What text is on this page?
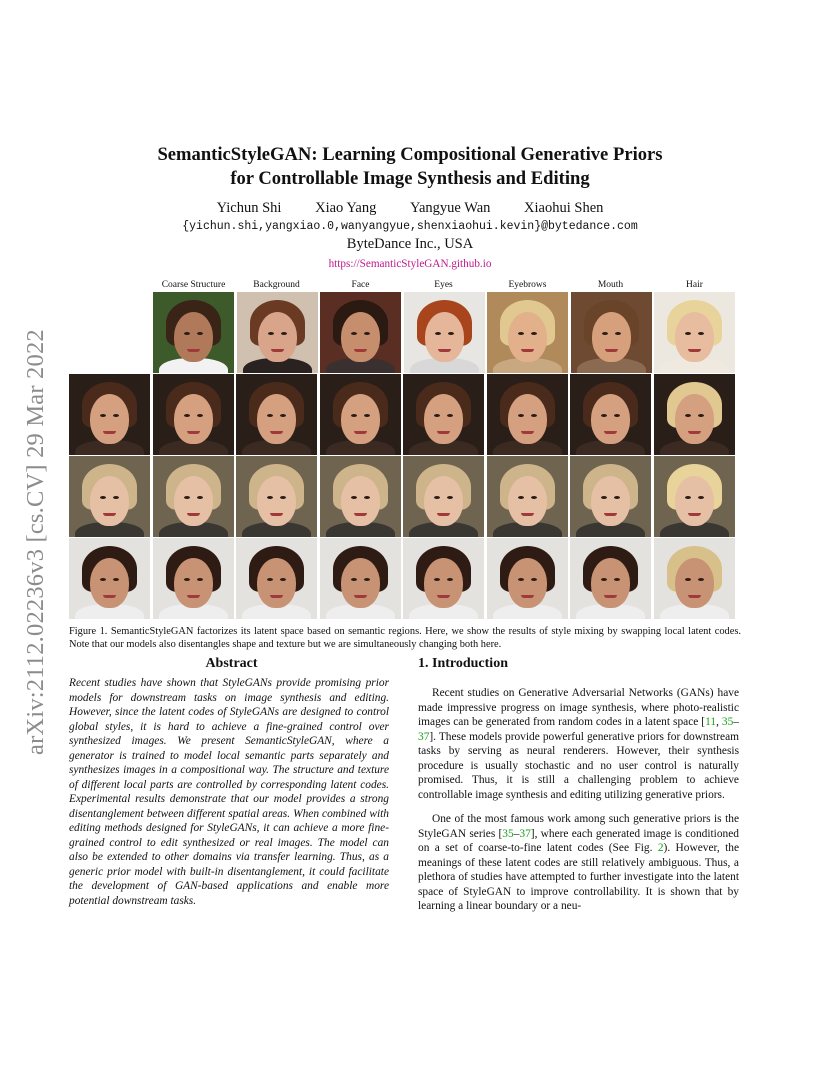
arXiv:2112.02236v3 [cs.CV] 29 Mar 2022
SemanticStyleGAN: Learning Compositional Generative Priors
for Controllable Image Synthesis and Editing
Yichun Shi Xiao Yang Yangyue Wan Xiaohui Shen
{yichun.shi,yangxiao.0,wanyangyue,shenxiaohui.kevin}@bytedance.com
ByteDance Inc., USA
https://SemanticStyleGAN.github.io
Coarse Structure	Background	Face	Eyes	Eyebrows	Mouth	Hair
Figure 1. SemanticStyleGAN factorizes its latent space based on semantic regions. Here, we show the results of style mixing by swapping local latent codes. Note that our models also disentangles shape and texture but we are simultaneously changing both here.
Abstract
Recent studies have shown that StyleGANs provide promising prior models for downstream tasks on image synthesis and editing. However, since the latent codes of StyleGANs are designed to control global styles, it is hard to achieve a fine-grained control over synthesized images. We present SemanticStyleGAN, where a generator is trained to model local semantic parts separately and synthesizes images in a compositional way. The structure and texture of different local parts are controlled by corresponding latent codes. Experimental results demonstrate that our model provides a strong disentanglement between different spatial areas. When combined with editing methods designed for StyleGANs, it can achieve a more fine-grained control to edit synthesized or real images. The model can also be extended to other domains via transfer learning. Thus, as a generic prior model with built-in disentanglement, it could facilitate the development of GAN-based applications and enable more potential downstream tasks.
1. Introduction

Recent studies on Generative Adversarial Networks (GANs) have made impressive progress on image synthesis, where photo-realistic images can be generated from random codes in a latent space [11, 35–37]. These models provide powerful generative priors for downstream tasks by serving as neural renderers. However, their synthesis procedure is usually stochastic and no user control is naturally promised. Thus, it is still a challenging problem to achieve controllable image synthesis and editing utilizing generative priors.

One of the most famous work among such generative priors is the StyleGAN series [35–37], where each generated image is conditioned on a set of coarse-to-fine latent codes (See Fig. 2). However, the meanings of these latent codes are still relatively ambiguous. Thus, a plethora of studies have attempted to further investigate into the latent space of StyleGAN to improve controllability. It is shown that by learning a linear boundary or a neu-
